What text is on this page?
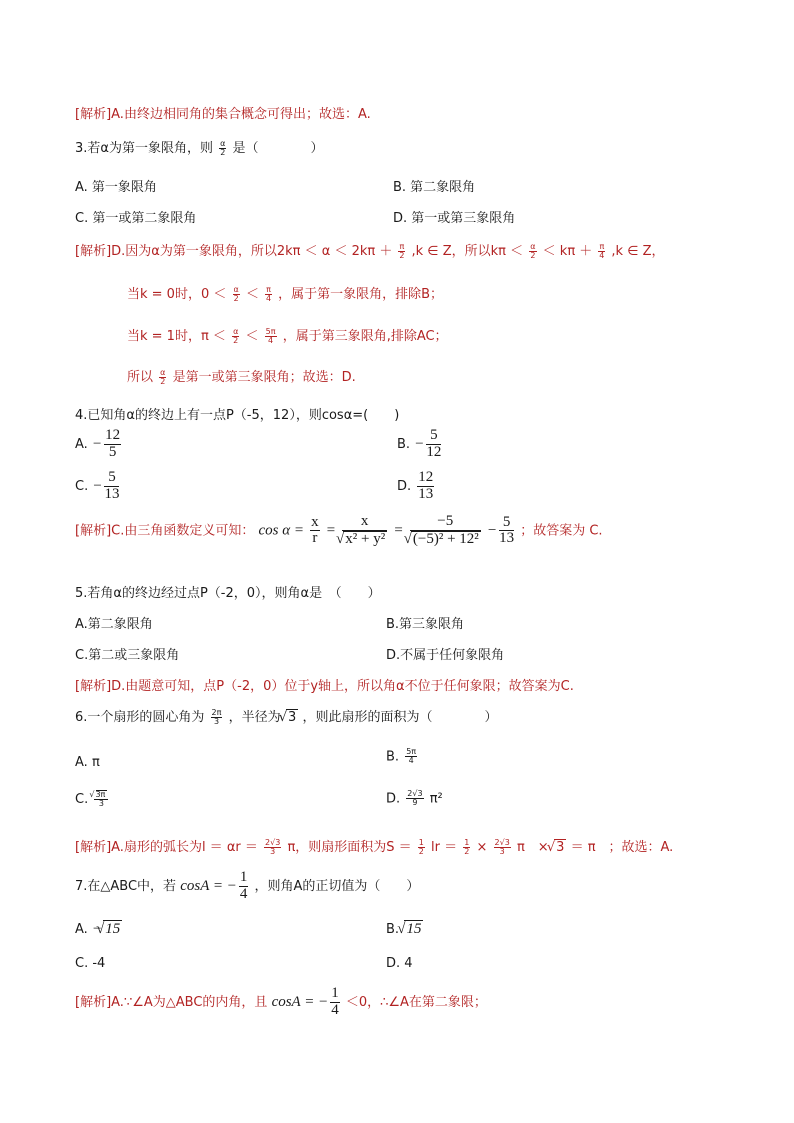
[解析]A.由终边相同角的集合概念可得出；故选：A.
3.若α为第一象限角，则 $\frac{\alpha}{2}$ 是（　　　　）
A. 第一象限角	B. 第二象限角
C. 第一或第二象限角	D. 第一或第三象限角
[解析]D.因为α为第一象限角，所以$2k\pi < \alpha < 2k\pi + \frac{\pi}{2} ,k$ ∈ Z，所以$k\pi < \frac{\alpha}{2} < k\pi + \frac{\pi}{4} ,k$ ∈ Z，
当k = 0时，$0 < \frac{\alpha}{2} < \frac{\pi}{4}$ ，属于第一象限角，排除B；
当k = 1时，$\pi < \frac{\alpha}{2} < \frac{5\pi}{4}$ ，属于第三象限角,排除AC；
所以 $\frac{\alpha}{2}$ 是第一或第三象限角；故选：D.
4.已知角α的终边上有一点P（-5，12），则cosα=(　　)
A. − $\frac{12}{5}$	B. − $\frac{5}{12}$
C. − $\frac{5}{13}$	D. $\frac{12}{13}$
[解析]C.由三角函数定义可知： $\cos \alpha = \frac{x}{r} = x$
√ x² + y² = −5
√ $(-5)^2 + 12^2 - \frac{5}{13}$ ；故答案为 C.
5.若角α的终边经过点P（-2，0），则角α是　（　　）
A.第二象限角	B.第三象限角
C.第二或三象限角	D.不属于任何象限角
[解析]D.由题意可知，点P（-2，0）位于y轴上，所以角α不位于任何象限；故答案为C.
6.一个扇形的圆心角为 $\frac{2\pi}{3}$ ，半径为 √ 3 ，则此扇形的面积为（　　　　）
A. π	B. $\frac{5\pi}{4}$
C. √ $\frac{3\pi}{3}$	D. $\frac{2√3}{9} \pi^2$
[解析]A.扇形的弧长为$l = \alpha r = \frac{2√3}{3}$ π，则扇形面积为$S = \frac{1}{2}$ lr ＝ $\frac{1}{2} \times \frac{2√3}{3}$ π　× √ 3 ＝ π　；故选：A.
7.在△ABC中，若 cosA = − $\frac{1}{4}$ ，则角A的正切值为（　　）
A. − √ 15	B. √ 15
C. -4	D. 4
[解析]A.∵∠A为△ABC的内角，且 cosA = − $\frac{1}{4} <0$，∴∠A在第二象限；
